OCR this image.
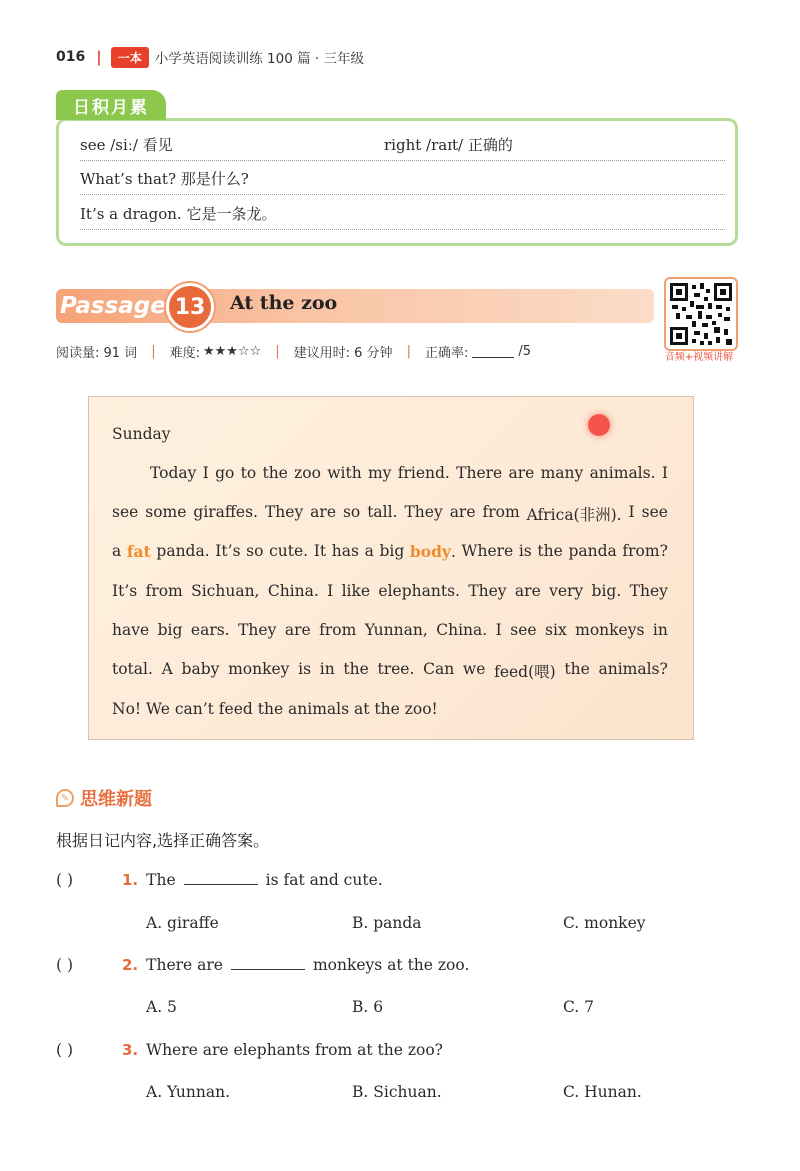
016 |	一本 小学英语阅读训练 100 篇 · 三年级
日积月累
see /siː/ 看见	right /raɪt/ 正确的
What’s that? 那是什么?
It’s a dragon. 它是一条龙。
Passage 13	At the zoo
音频+视频讲解
阅读量: 91 词 | 难度: ★★★☆☆ | 建议用时: 6 分钟 | 正确率:	/5
Sunday
Today I go to the zoo with my friend. There are many animals. I
see some giraffes. They are so tall. They are from Africa(非洲). I see
a fat panda. It’s so cute. It has a big body. Where is the panda from?
It’s from Sichuan, China. I like elephants. They are very big. They
have big ears. They are from Yunnan, China. I see six monkeys in
total. A baby monkey is in the tree. Can we feed(喂) the animals?
No! We can’t feed the animals at the zoo!
✎ 思维新题
根据日记内容,选择正确答案。
( )	1. The	is fat and cute.
A. giraffe	B. panda	C. monkey
( )	2. There are	monkeys at the zoo.
A. 5	B. 6	C. 7
( )	3. Where are elephants from at the zoo?
A. Yunnan.	B. Sichuan.	C. Hunan.
